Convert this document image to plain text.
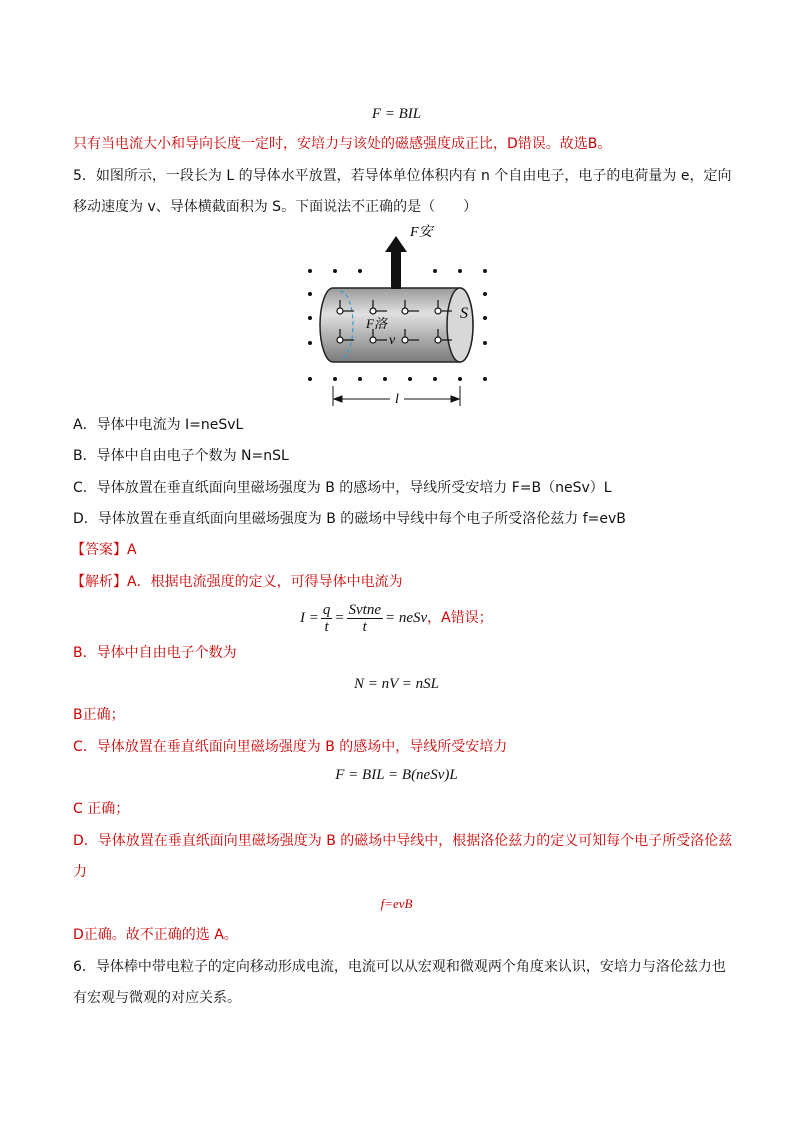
F = BIL
只有当电流大小和导向长度一定时，安培力与该处的磁感强度成正比，D错误。故选B。
5．如图所示，一段长为 L 的导体水平放置，若导体单位体积内有 n 个自由电子，电子的电荷量为 e，定向
移动速度为 v、导体横截面积为 S。下面说法不正确的是（　　）
F安
F洛
v
S
l
A．导体中电流为 I=neSvL
B．导体中自由电子个数为 N=nSL
C．导体放置在垂直纸面向里磁场强度为 B 的感场中，导线所受安培力 F=B（neSv）L
D．导体放置在垂直纸面向里磁场强度为 B 的磁场中导线中每个电子所受洛伦兹力 f=evB
【答案】A
【解析】A．根据电流强度的定义，可得导体中电流为
$I = \frac{q}{t} = \frac{\text{Svtne}}{t}$ = neSv ，A错误；
B．导体中自由电子个数为
N = nV = nSL
B正确；
C．导体放置在垂直纸面向里磁场强度为 B 的感场中，导线所受安培力
F = BIL = B(neSv)L
C 正确；
D．导体放置在垂直纸面向里磁场强度为 B 的磁场中导线中，根据洛伦兹力的定义可知每个电子所受洛伦兹
力
f=evB
D正确。故不正确的选 A。
6．导体棒中带电粒子的定向移动形成电流，电流可以从宏观和微观两个角度来认识，安培力与洛伦兹力也
有宏观与微观的对应关系。
